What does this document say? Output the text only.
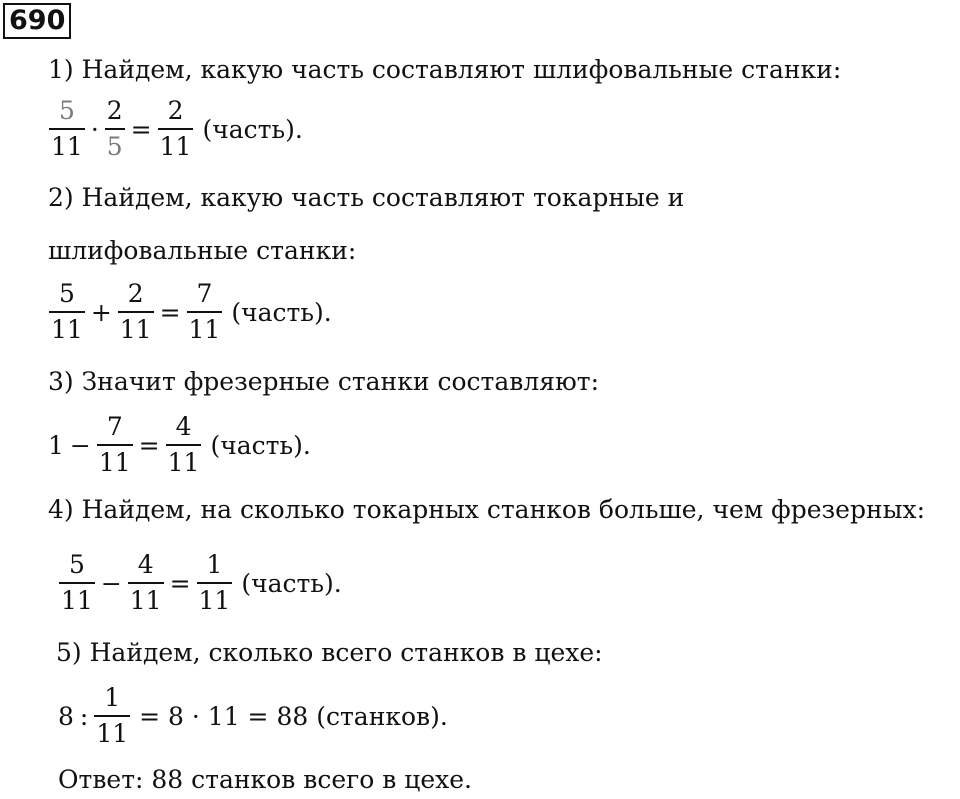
690
1) Найдем, какую часть составляют шлифовальные станки:
$\frac{5}{11} \cdot \frac{2}{5} = \frac{2}{11}$ (часть).
2) Найдем, какую часть составляют токарные и
шлифовальные станки:
$\frac{5}{11} + \frac{2}{11} = \frac{7}{11}$ (часть).
3) Значит фрезерные станки составляют:
$1 - \frac{7}{11} = \frac{4}{11}$ (часть).
4) Найдем, на сколько токарных станков больше, чем фрезерных:
$\frac{5}{11} - \frac{4}{11} = \frac{1}{11}$ (часть).
5) Найдем, сколько всего станков в цехе:
8 : $\frac{1}{11} = 8 \cdot 11 = 88$ (станков).
Ответ: 88 станков всего в цехе.
